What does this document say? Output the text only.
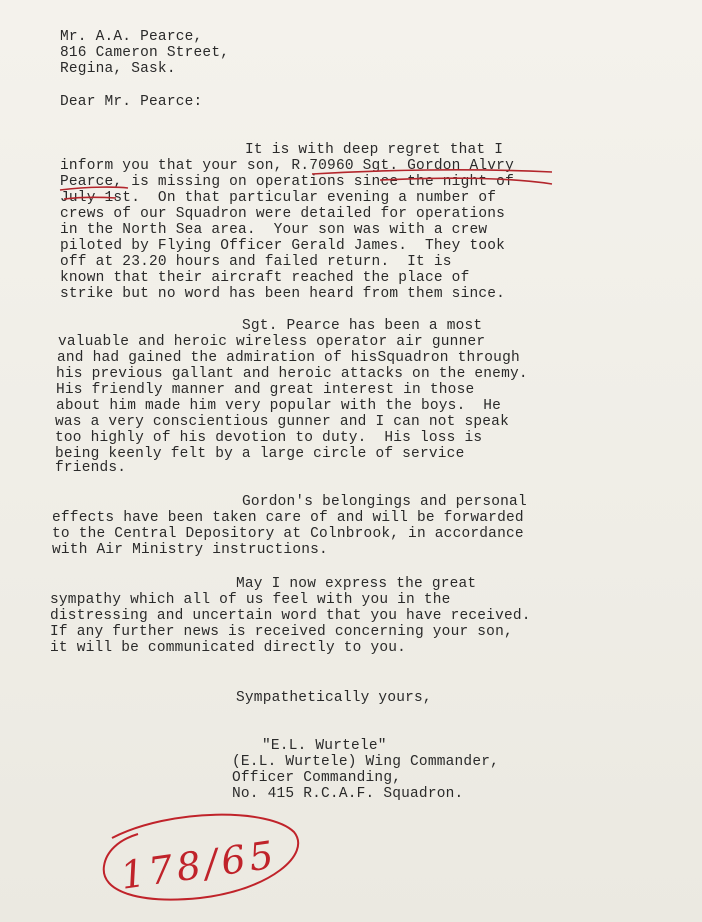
Mr. A.A. Pearce,

816 Cameron Street,

Regina, Sask.

Dear Mr. Pearce:

It is with deep regret that I

inform you that your son, R.70960 Sgt. Gordon Alvry

Pearce, is missing on operations since the night of

July 1st.  On that particular evening a number of

crews of our Squadron were detailed for operations

in the North Sea area.  Your son was with a crew

piloted by Flying Officer Gerald James.  They took

off at 23.20 hours and failed return.  It is

known that their aircraft reached the place of

strike but no word has been heard from them since.

Sgt. Pearce has been a most

valuable and heroic wireless operator air gunner

and had gained the admiration of hisSquadron through

his previous gallant and heroic attacks on the enemy.

His friendly manner and great interest in those

about him made him very popular with the boys.  He

was a very conscientious gunner and I can not speak

too highly of his devotion to duty.  His loss is

being keenly felt by a large circle of service

friends.

Gordon's belongings and personal

effects have been taken care of and will be forwarded

to the Central Depository at Colnbrook, in accordance

with Air Ministry instructions.

May I now express the great

sympathy which all of us feel with you in the

distressing and uncertain word that you have received.

If any further news is received concerning your son,

it will be communicated directly to you.

Sympathetically yours,

"E.L. Wurtele"

(E.L. Wurtele) Wing Commander,

Officer Commanding,

No. 415 R.C.A.F. Squadron.

178/65
